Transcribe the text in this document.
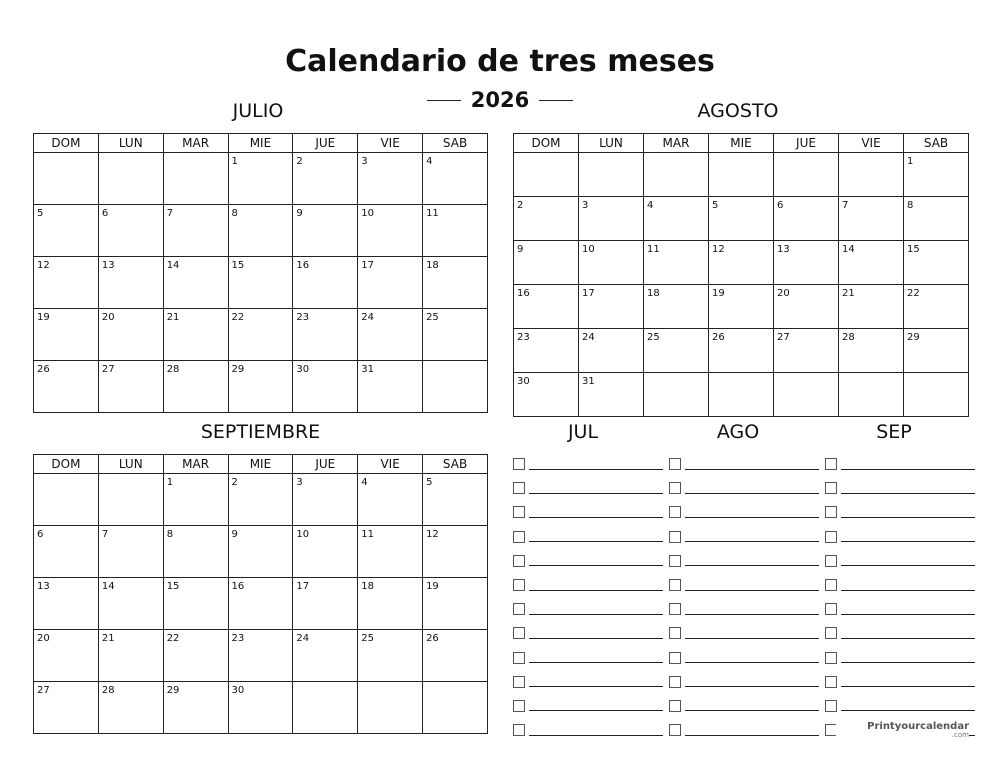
Calendario de tres meses
2026
JULIO
DOM	LUN	MAR	MIE	JUE	VIE	SAB
			1	2	3	4
5	6	7	8	9	10	11
12	13	14	15	16	17	18
19	20	21	22	23	24	25
26	27	28	29	30	31	
AGOSTO
DOM	LUN	MAR	MIE	JUE	VIE	SAB
						1
2	3	4	5	6	7	8
9	10	11	12	13	14	15
16	17	18	19	20	21	22
23	24	25	26	27	28	29
30	31					
SEPTIEMBRE
DOM	LUN	MAR	MIE	JUE	VIE	SAB
		1	2	3	4	5
6	7	8	9	10	11	12
13	14	15	16	17	18	19
20	21	22	23	24	25	26
27	28	29	30			
JUL	AGO	SEP
Printyourcalendar
.com
